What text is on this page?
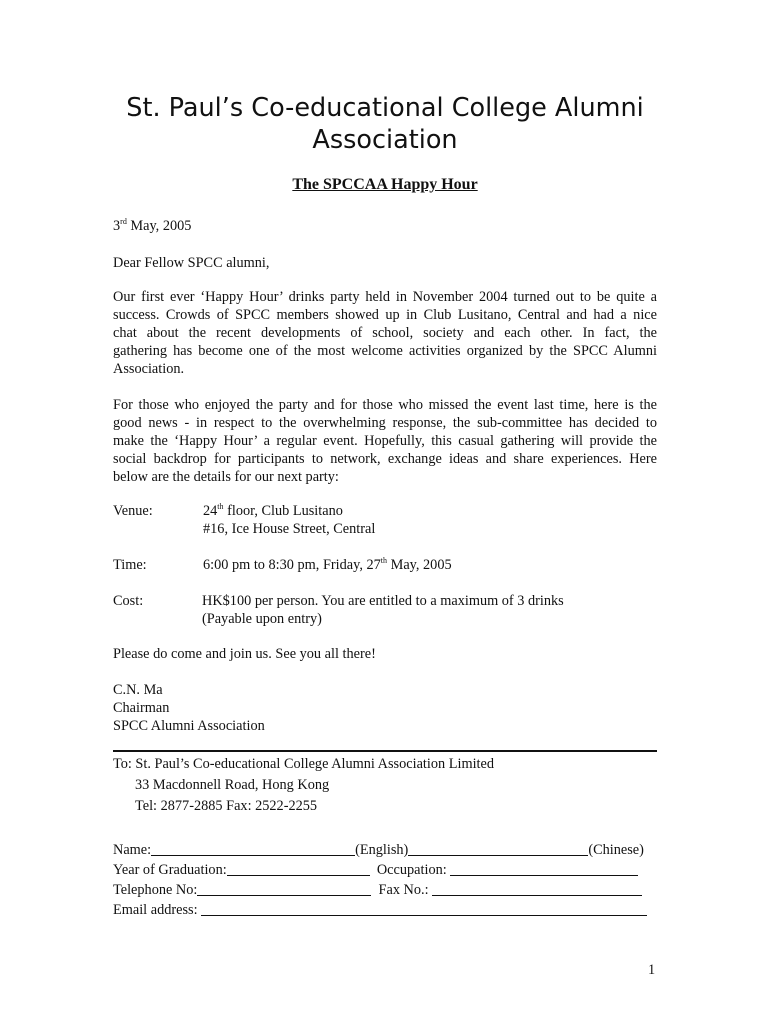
St. Paul’s Co-educational College Alumni
Association
The SPCCAA Happy Hour
3rd May, 2005
Dear Fellow SPCC alumni,
Our first ever ‘Happy Hour’ drinks party held in November 2004 turned out to be quite a
success. Crowds of SPCC members showed up in Club Lusitano, Central and had a nice
chat about the recent developments of school, society and each other. In fact, the
gathering has become one of the most welcome activities organized by the SPCC Alumni
Association.
For those who enjoyed the party and for those who missed the event last time, here is the
good news - in respect to the overwhelming response, the sub-committee has decided to
make the ‘Happy Hour’ a regular event. Hopefully, this casual gathering will provide the
social backdrop for participants to network, exchange ideas and share experiences. Here
below are the details for our next party:
Venue:	24th floor, Club Lusitano
#16, Ice House Street, Central
Time:	6:00 pm to 8:30 pm, Friday, 27th May, 2005
Cost:	HK$100 per person. You are entitled to a maximum of 3 drinks
(Payable upon entry)
Please do come and join us. See you all there!
C.N. Ma
Chairman
SPCC Alumni Association
To: St. Paul’s Co-educational College Alumni Association Limited
33 Macdonnell Road, Hong Kong
Tel: 2877-2885 Fax: 2522-2255
Name:	(English)	(Chinese)
Year of Graduation:	Occupation:
Telephone No:	Fax No.:
Email address:
1
